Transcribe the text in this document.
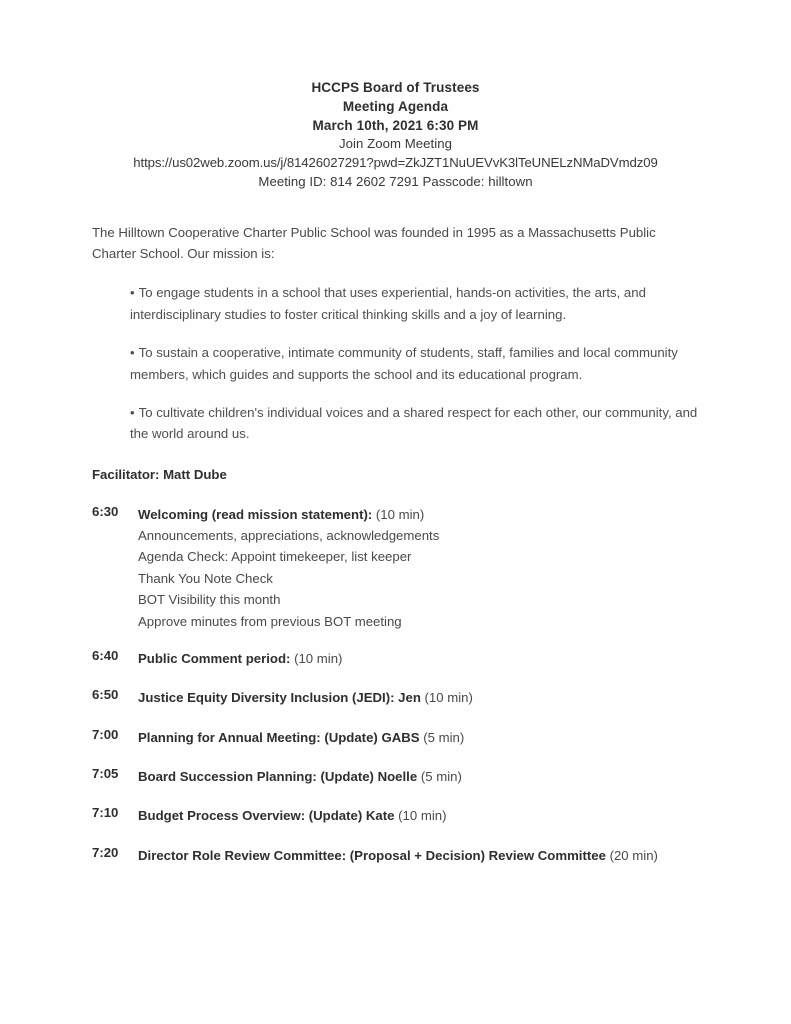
HCCPS Board of Trustees
Meeting Agenda
March 10th, 2021 6:30 PM
Join Zoom Meeting
https://us02web.zoom.us/j/81426027291?pwd=ZkJZT1NuUEVvK3lTeUNELzNMaDVmdz09
Meeting ID: 814 2602 7291 Passcode: hilltown
The Hilltown Cooperative Charter Public School was founded in 1995 as a Massachusetts Public Charter School. Our mission is:
• To engage students in a school that uses experiential, hands-on activities, the arts, and interdisciplinary studies to foster critical thinking skills and a joy of learning.
• To sustain a cooperative, intimate community of students, staff, families and local community members, which guides and supports the school and its educational program.
• To cultivate children's individual voices and a shared respect for each other, our community, and the world around us.
Facilitator: Matt Dube
6:30	Welcoming (read mission statement): (10 min)
Announcements, appreciations, acknowledgements
Agenda Check: Appoint timekeeper, list keeper
Thank You Note Check
BOT Visibility this month
Approve minutes from previous BOT meeting
6:40	Public Comment period: (10 min)
6:50	Justice Equity Diversity Inclusion (JEDI): Jen (10 min)
7:00	Planning for Annual Meeting: (Update) GABS (5 min)
7:05	Board Succession Planning: (Update) Noelle (5 min)
7:10	Budget Process Overview: (Update) Kate (10 min)
7:20	Director Role Review Committee: (Proposal + Decision) Review Committee (20 min)
